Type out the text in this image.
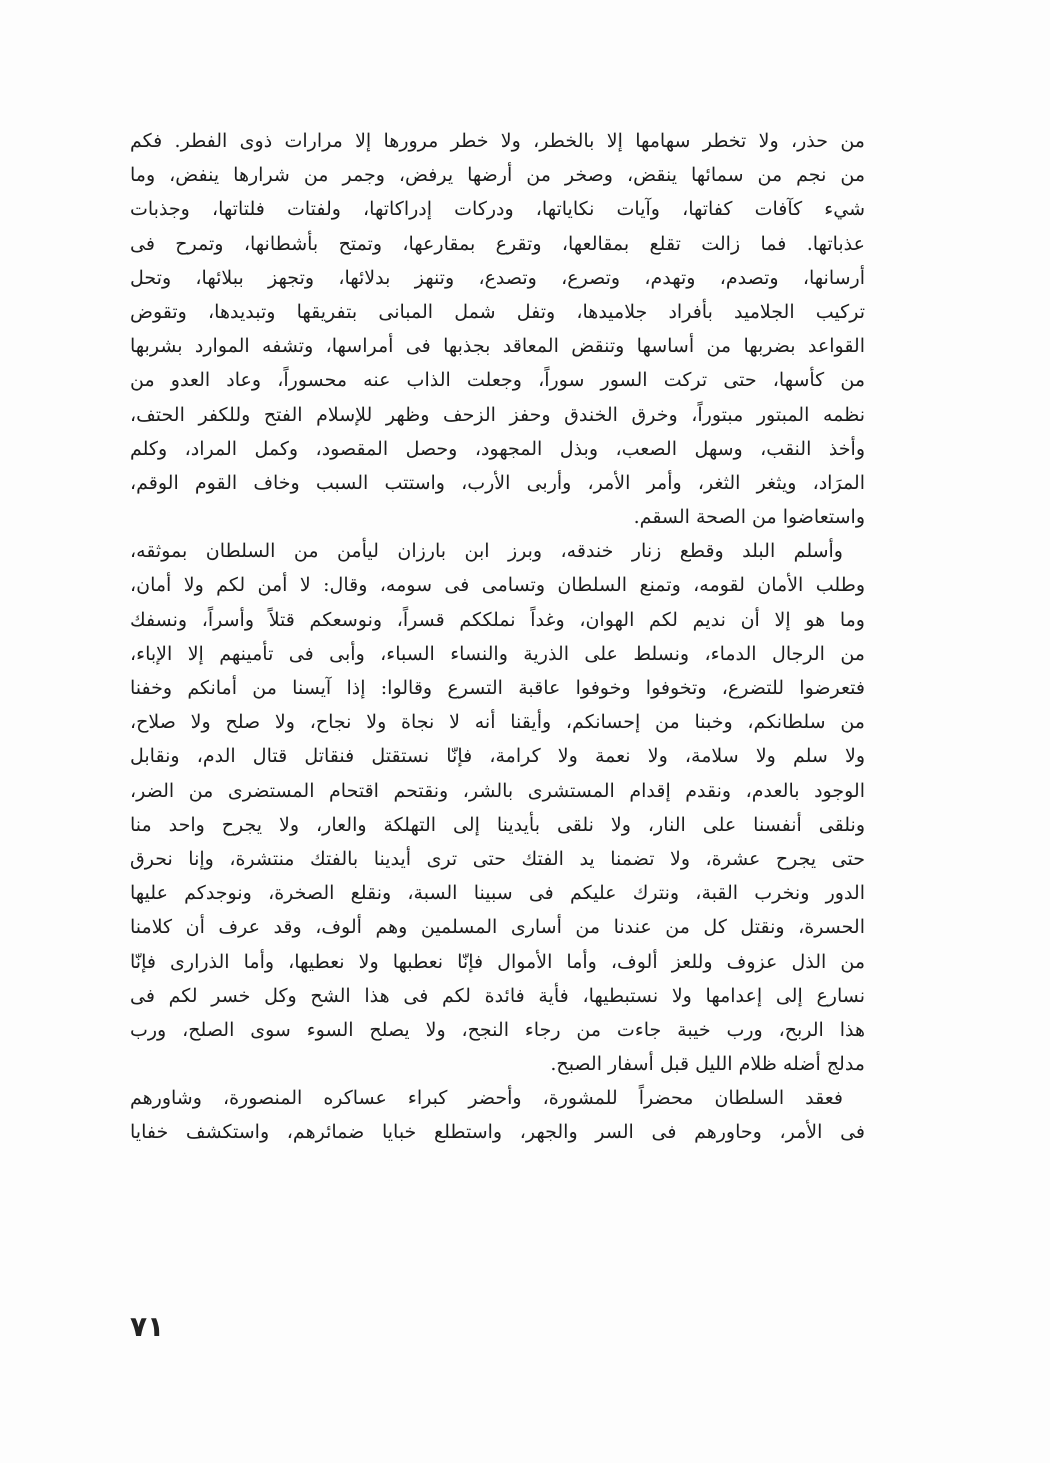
من حذر، ولا تخطر سهامها إلا بالخطر، ولا خطر مرورها إلا مرارات ذوى الفطر. فكم
من نجم من سمائها ينقض، وصخر من أرضها يرفض، وجمر من شرارها ينفض، وما
شيء كآفات كفاتها، وآيات نكاياتها، ودركات إدراكاتها، ولفتات فلتاتها، وجذبات
عذباتها. فما زالت تقلع بمقالعها، وتقرع بمقارعها، وتمتح بأشطانها، وتمرح فى
أرسانها، وتصدم، وتهدم، وتصرع، وتصدع، وتنهز بدلائها، وتجهز ببلائها، وتحل
تركيب الجلاميد بأفراد جلاميدها، وتفل شمل المبانى بتفريقها وتبديدها، وتقوض
القواعد بضربها من أساسها وتنقض المعاقد بجذبها فى أمراسها، وتشفه الموارد بشربها
من كأسها، حتى تركت السور سوراً، وجعلت الذاب عنه محسوراً، وعاد العدو من
نظمه المبتور مبتوراً، وخرق الخندق وحفز الزحف وظهر للإسلام الفتح وللكفر الحتف،
وأخذ النقب، وسهل الصعب، وبذل المجهود، وحصل المقصود، وكمل المراد، وكلم
المرَاد، ويثغر الثغر، وأمر الأمر، وأربى الأرب، واستتب السبب وخاف القوم الوقم،
واستعاضوا من الصحة السقم.
وأسلم البلد وقطع زنار خندقه، وبرز ابن بارزان ليأمن من السلطان بموثقه،
وطلب الأمان لقومه، وتمنع السلطان وتسامى فى سومه، وقال: لا أمن لكم ولا أمان،
وما هو إلا أن نديم لكم الهوان، وغداً نملككم قسراً، ونوسعكم قتلاً وأسراً، ونسفك
من الرجال الدماء، ونسلط على الذرية والنساء السباء، وأبى فى تأمينهم إلا الإباء،
فتعرضوا للتضرع، وتخوفوا وخوفوا عاقبة التسرع وقالوا: إذا آيسنا من أمانكم وخفنا
من سلطانكم، وخبنا من إحسانكم، وأيقنا أنه لا نجاة ولا نجاح، ولا صلح ولا صلاح،
ولا سلم ولا سلامة، ولا نعمة ولا كرامة، فإنّا نستقتل فنقاتل قتال الدم، ونقابل
الوجود بالعدم، ونقدم إقدام المستشرى بالشر، ونقتحم اقتحام المستضرى من الضر،
ونلقى أنفسنا على النار، ولا نلقى بأيدينا إلى التهلكة والعار، ولا يجرح واحد منا
حتى يجرح عشرة، ولا تضمنا يد الفتك حتى ترى أيدينا بالفتك منتشرة، وإنا نحرق
الدور ونخرب القبة، ونترك عليكم فى سبينا السبة، ونقلع الصخرة، ونوجدكم عليها
الحسرة، ونقتل كل من عندنا من أسارى المسلمين وهم ألوف، وقد عرف أن كلامنا
من الذل عزوف وللعز ألوف، وأما الأموال فإنّا نعطبها ولا نعطيها، وأما الذرارى فإنّا
نسارع إلى إعدامها ولا نستبطيها، فأية فائدة لكم فى هذا الشح وكل خسر لكم فى
هذا الربح، ورب خيبة جاءت من رجاء النجح، ولا يصلح السوء سوى الصلح، ورب
مدلج أضله ظلام الليل قبل أسفار الصبح.
فعقد السلطان محضراً للمشورة، وأحضر كبراء عساكره المنصورة، وشاورهم
فى الأمر، وحاورهم فى السر والجهر، واستطلع خبايا ضمائرهم، واستكشف خفايا
٧١
